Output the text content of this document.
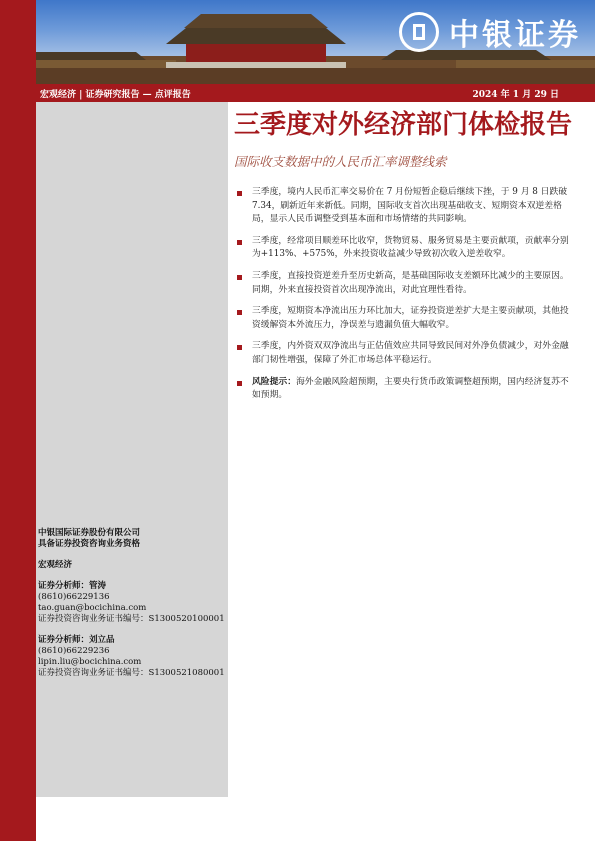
中银证券
宏观经济 | 证券研究报告 — 点评报告	2024 年 1 月 29 日
中银国际证券股份有限公司
具备证券投资咨询业务资格
宏观经济
证券分析师：管涛
(8610)66229136
tao.guan@bocichina.com
证券投资咨询业务证书编号：S1300520100001
证券分析师：刘立品
(8610)66229236
lipin.liu@bocichina.com
证券投资咨询业务证书编号：S1300521080001
三季度对外经济部门体检报告
国际收支数据中的人民币汇率调整线索
三季度，境内人民币汇率交易价在 7 月份短暂企稳后继续下挫，于 9 月 8 日跌破 7.34，刷新近年来新低。同期，国际收支首次出现基础收支、短期资本双逆差格局，显示人民币调整受到基本面和市场情绪的共同影响。
三季度，经常项目顺差环比收窄，货物贸易、服务贸易是主要贡献项，贡献率分别为+113%、+575%，外来投资收益减少导致初次收入逆差收窄。
三季度，直接投资逆差升至历史新高，是基础国际收支差额环比减少的主要原因。同期，外来直接投资首次出现净流出，对此宜理性看待。
三季度，短期资本净流出压力环比加大，证券投资逆差扩大是主要贡献项，其他投资缓解资本外流压力，净误差与遗漏负值大幅收窄。
三季度，内外资双双净流出与正估值效应共同导致民间对外净负债减少，对外金融部门韧性增强，保障了外汇市场总体平稳运行。
风险提示：海外金融风险超预期，主要央行货币政策调整超预期，国内经济复苏不如预期。
